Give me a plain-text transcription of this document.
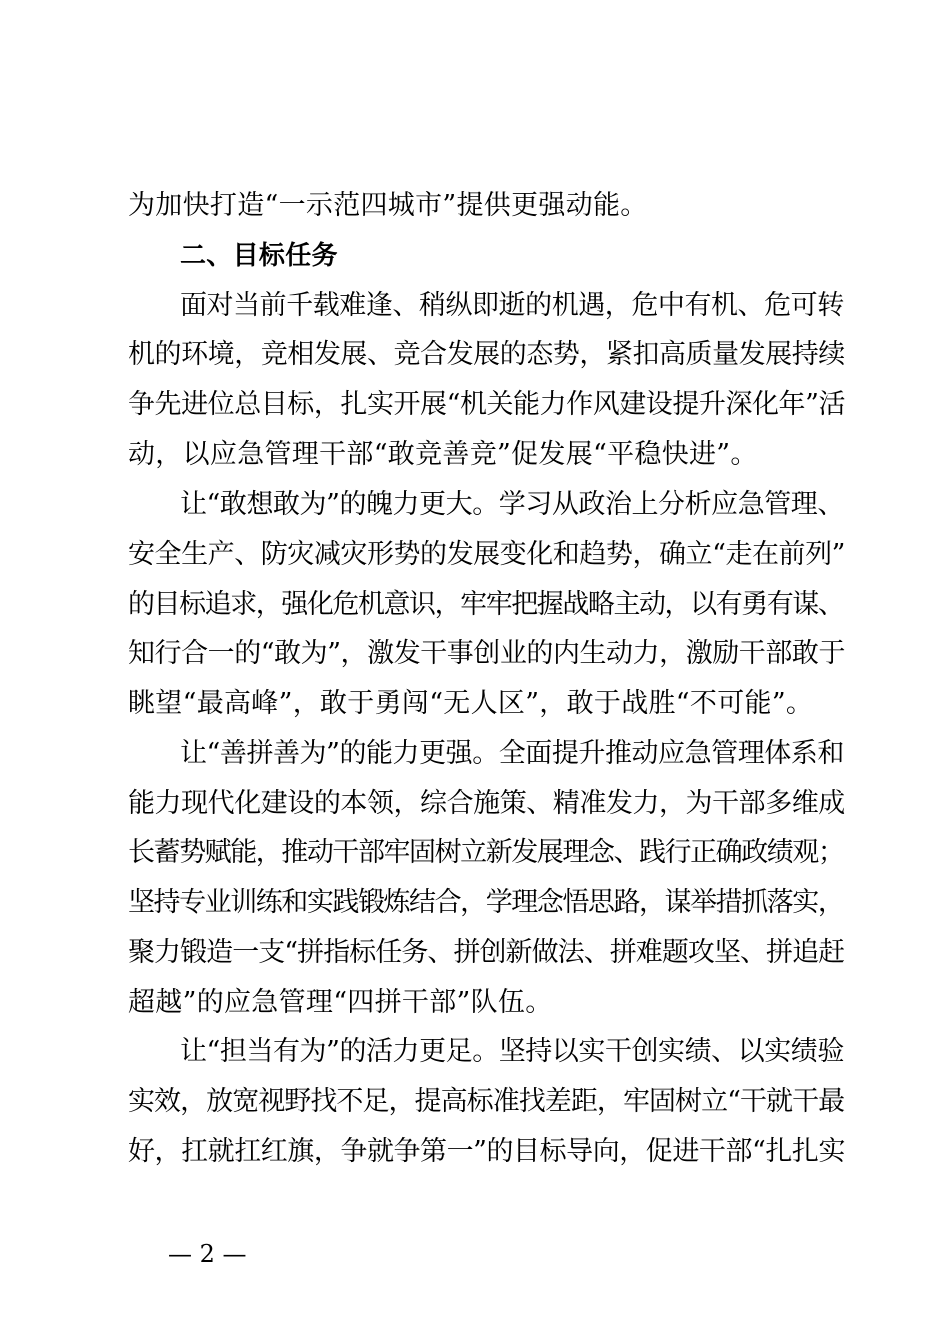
为加快打造“一示范四城市”提供更强动能。
二、目标任务
面对当前千载难逢、稍纵即逝的机遇，危中有机、危可转
机的环境，竞相发展、竞合发展的态势，紧扣高质量发展持续
争先进位总目标，扎实开展“机关能力作风建设提升深化年”活
动，以应急管理干部“敢竞善竞”促发展“平稳快进”。
让“敢想敢为”的魄力更大。学习从政治上分析应急管理、
安全生产、防灾减灾形势的发展变化和趋势，确立“走在前列”
的目标追求，强化危机意识，牢牢把握战略主动，以有勇有谋、
知行合一的“敢为”，激发干事创业的内生动力，激励干部敢于
眺望“最高峰”，敢于勇闯“无人区”，敢于战胜“不可能”。
让“善拼善为”的能力更强。全面提升推动应急管理体系和
能力现代化建设的本领，综合施策、精准发力，为干部多维成
长蓄势赋能，推动干部牢固树立新发展理念、践行正确政绩观；
坚持专业训练和实践锻炼结合，学理念悟思路，谋举措抓落实，
聚力锻造一支“拼指标任务、拼创新做法、拼难题攻坚、拼追赶
超越”的应急管理“四拼干部”队伍。
让“担当有为”的活力更足。坚持以实干创实绩、以实绩验
实效，放宽视野找不足，提高标准找差距，牢固树立“干就干最
好，扛就扛红旗，争就争第一”的目标导向，促进干部“扎扎实
— 2 —
